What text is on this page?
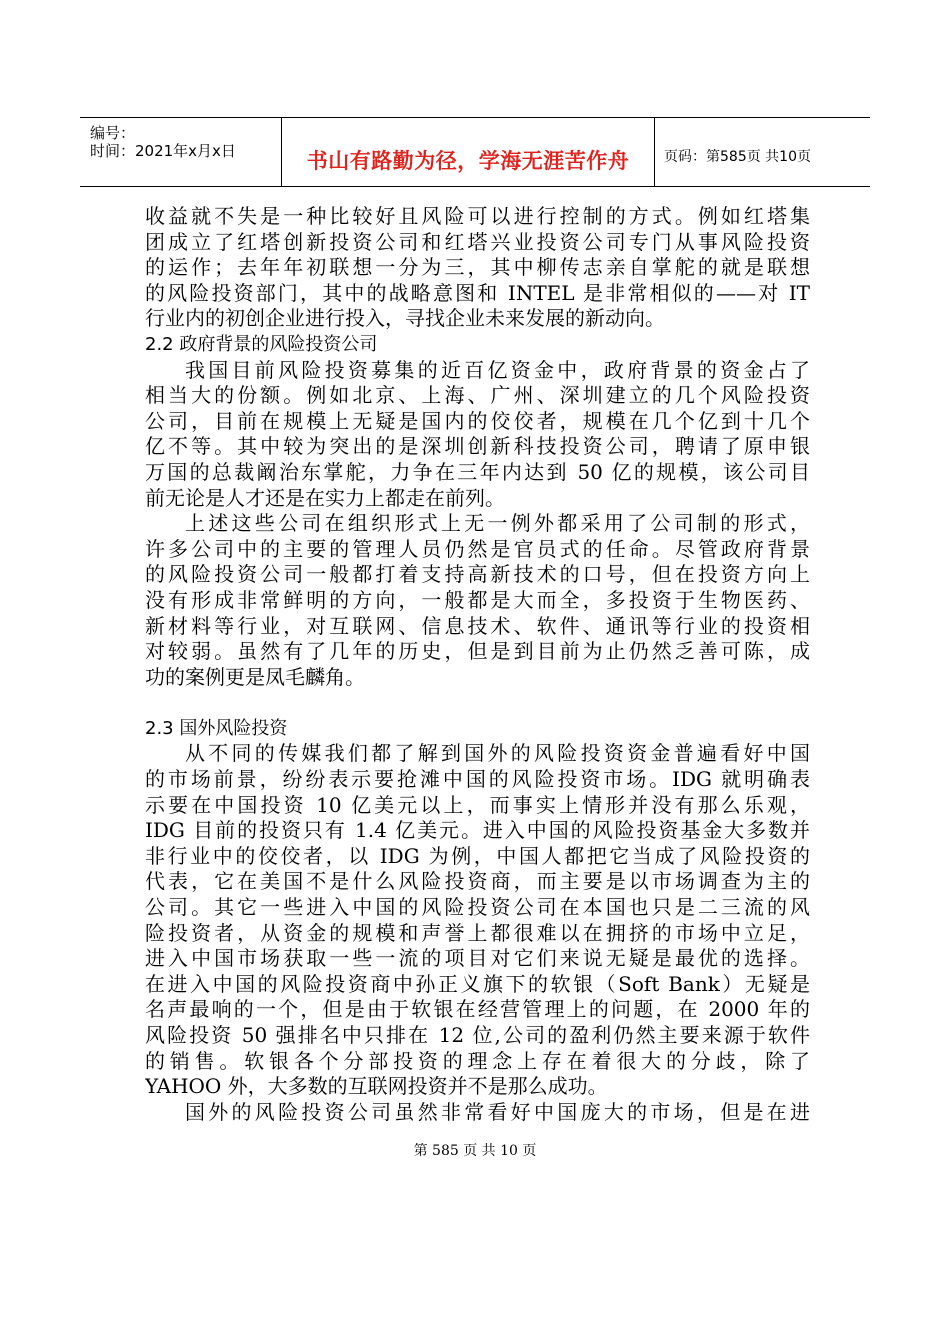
编号：
时间：2021年x月x日	书山有路勤为径，学海无涯苦作舟	页码：第585页 共10页
收益就不失是一种比较好且风险可以进行控制的方式。例如红塔集
团成立了红塔创新投资公司和红塔兴业投资公司专门从事风险投资
的运作；去年年初联想一分为三，其中柳传志亲自掌舵的就是联想
的风险投资部门，其中的战略意图和 INTEL 是非常相似的——对 IT
行业内的初创企业进行投入，寻找企业未来发展的新动向。
2.2 政府背景的风险投资公司
我国目前风险投资募集的近百亿资金中，政府背景的资金占了
相当大的份额。例如北京、上海、广州、深圳建立的几个风险投资
公司，目前在规模上无疑是国内的佼佼者，规模在几个亿到十几个
亿不等。其中较为突出的是深圳创新科技投资公司，聘请了原申银
万国的总裁阚治东掌舵，力争在三年内达到 50 亿的规模，该公司目
前无论是人才还是在实力上都走在前列。
上述这些公司在组织形式上无一例外都采用了公司制的形式，
许多公司中的主要的管理人员仍然是官员式的任命。尽管政府背景
的风险投资公司一般都打着支持高新技术的口号，但在投资方向上
没有形成非常鲜明的方向，一般都是大而全，多投资于生物医药、
新材料等行业，对互联网、信息技术、软件、通讯等行业的投资相
对较弱。虽然有了几年的历史，但是到目前为止仍然乏善可陈，成
功的案例更是凤毛麟角。
2.3 国外风险投资
从不同的传媒我们都了解到国外的风险投资资金普遍看好中国
的市场前景，纷纷表示要抢滩中国的风险投资市场。IDG 就明确表
示要在中国投资 10 亿美元以上，而事实上情形并没有那么乐观，
IDG 目前的投资只有 1.4 亿美元。进入中国的风险投资基金大多数并
非行业中的佼佼者，以 IDG 为例，中国人都把它当成了风险投资的
代表，它在美国不是什么风险投资商，而主要是以市场调查为主的
公司。其它一些进入中国的风险投资公司在本国也只是二三流的风
险投资者，从资金的规模和声誉上都很难以在拥挤的市场中立足，
进入中国市场获取一些一流的项目对它们来说无疑是最优的选择。
在进入中国的风险投资商中孙正义旗下的软银（Soft Bank）无疑是
名声最响的一个，但是由于软银在经营管理上的问题，在 2000 年的
风险投资 50 强排名中只排在 12 位,公司的盈利仍然主要来源于软件
的销售。软银各个分部投资的理念上存在着很大的分歧，除了
YAHOO 外，大多数的互联网投资并不是那么成功。
国外的风险投资公司虽然非常看好中国庞大的市场，但是在进
第 585 页 共 10 页
